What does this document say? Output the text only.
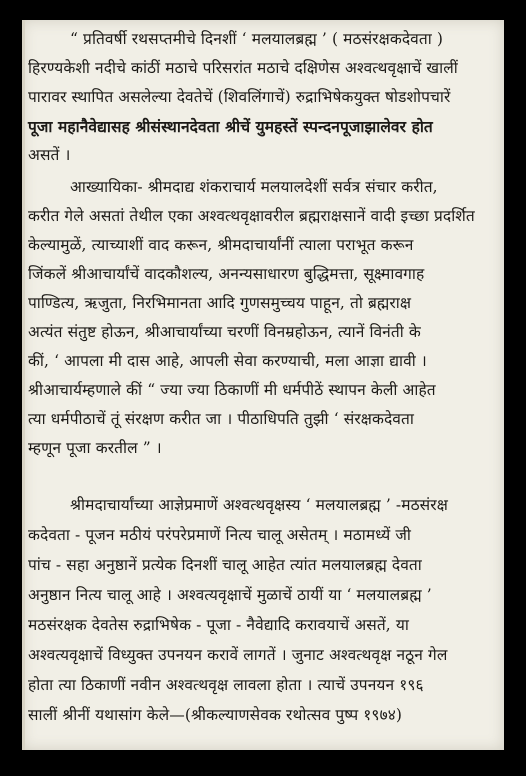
“ प्रतिवर्षी रथसप्तमीचे दिनशीं ‘ मलयालब्रह्म ’ ( मठसंरक्षकदेवता )
हिरण्यकेशी नदीचे कांठीं मठाचे परिसरांत मठाचे दक्षिणेस अश्वत्थवृक्षाचें खालीं
पारावर स्थापित असलेल्या देवतेचें (शिवलिंगाचें) रुद्राभिषेकयुक्त षोडशोपचारें
पूजा महानैवेद्यासह श्रीसंस्थानदेवता श्रीचें युमहस्तें स्पन्दनपूजाझालेवर होत
असतें ।
आख्यायिका- श्रीमदाद्य शंकराचार्य मलयालदेशीं सर्वत्र संचार करीत,
करीत गेले असतां तेथील एका अश्वत्थवृक्षावरील ब्रह्मराक्षसानें वादी इच्छा प्रदर्शित
केल्यामुळें, त्याच्याशीं वाद करून, श्रीमदाचार्यांनीं त्याला पराभूत करून
जिंकलें श्रीआचार्यांचें वादकौशल्य, अनन्यसाधारण बुद्धिमत्ता, सूक्ष्मावगाह
पाण्डित्य, ऋजुता, निरभिमानता आदि गुणसमुच्चय पाहून, तो ब्रह्मराक्ष
अत्यंत संतुष्ट होऊन, श्रीआचार्यांच्या चरणीं विनम्रहोऊन, त्यानें विनंती के
कीं, ‘ आपला मी दास आहे, आपली सेवा करण्याची, मला आज्ञा द्यावी ।
श्रीआचार्यम्हणाले कीं “ ज्या ज्या ठिकाणीं मी धर्मपीठें स्थापन केली आहेत
त्या धर्मपीठाचें तूं संरक्षण करीत जा । पीठाधिपति तुझी ‘ संरक्षकदेवता
म्हणून पूजा करतील ” ।
श्रीमदाचार्यांच्या आज्ञेप्रमाणें अश्वत्थवृक्षस्य ‘ मलयालब्रह्म ’ -मठसंरक्ष
कदेवता - पूजन मठीयं परंपरेप्रमाणें नित्य चालू असेतम् । मठामध्यें जी
पांच - सहा अनुष्ठानें प्रत्येक दिनशीं चालू आहेत त्यांत मलयालब्रह्म देवता
अनुष्ठान नित्य चालू आहे । अश्वत्यवृक्षाचें मुळाचें ठायीं या ‘ मलयालब्रह्म ’
मठसंरक्षक देवतेस रुद्राभिषेक - पूजा - नैवेद्यादि करावयाचें असतें, या
अश्वत्यवृक्षाचें विध्युक्त उपनयन करावें लागतें । जुनाट अश्वत्थवृक्ष नठून गेल
होता त्या ठिकाणीं नवीन अश्वत्थवृक्ष लावला होता । त्याचें उपनयन १९६
सालीं श्रीनीं यथासांग केले—(श्रीकल्याणसेवक रथोत्सव पुष्प १९७४)
